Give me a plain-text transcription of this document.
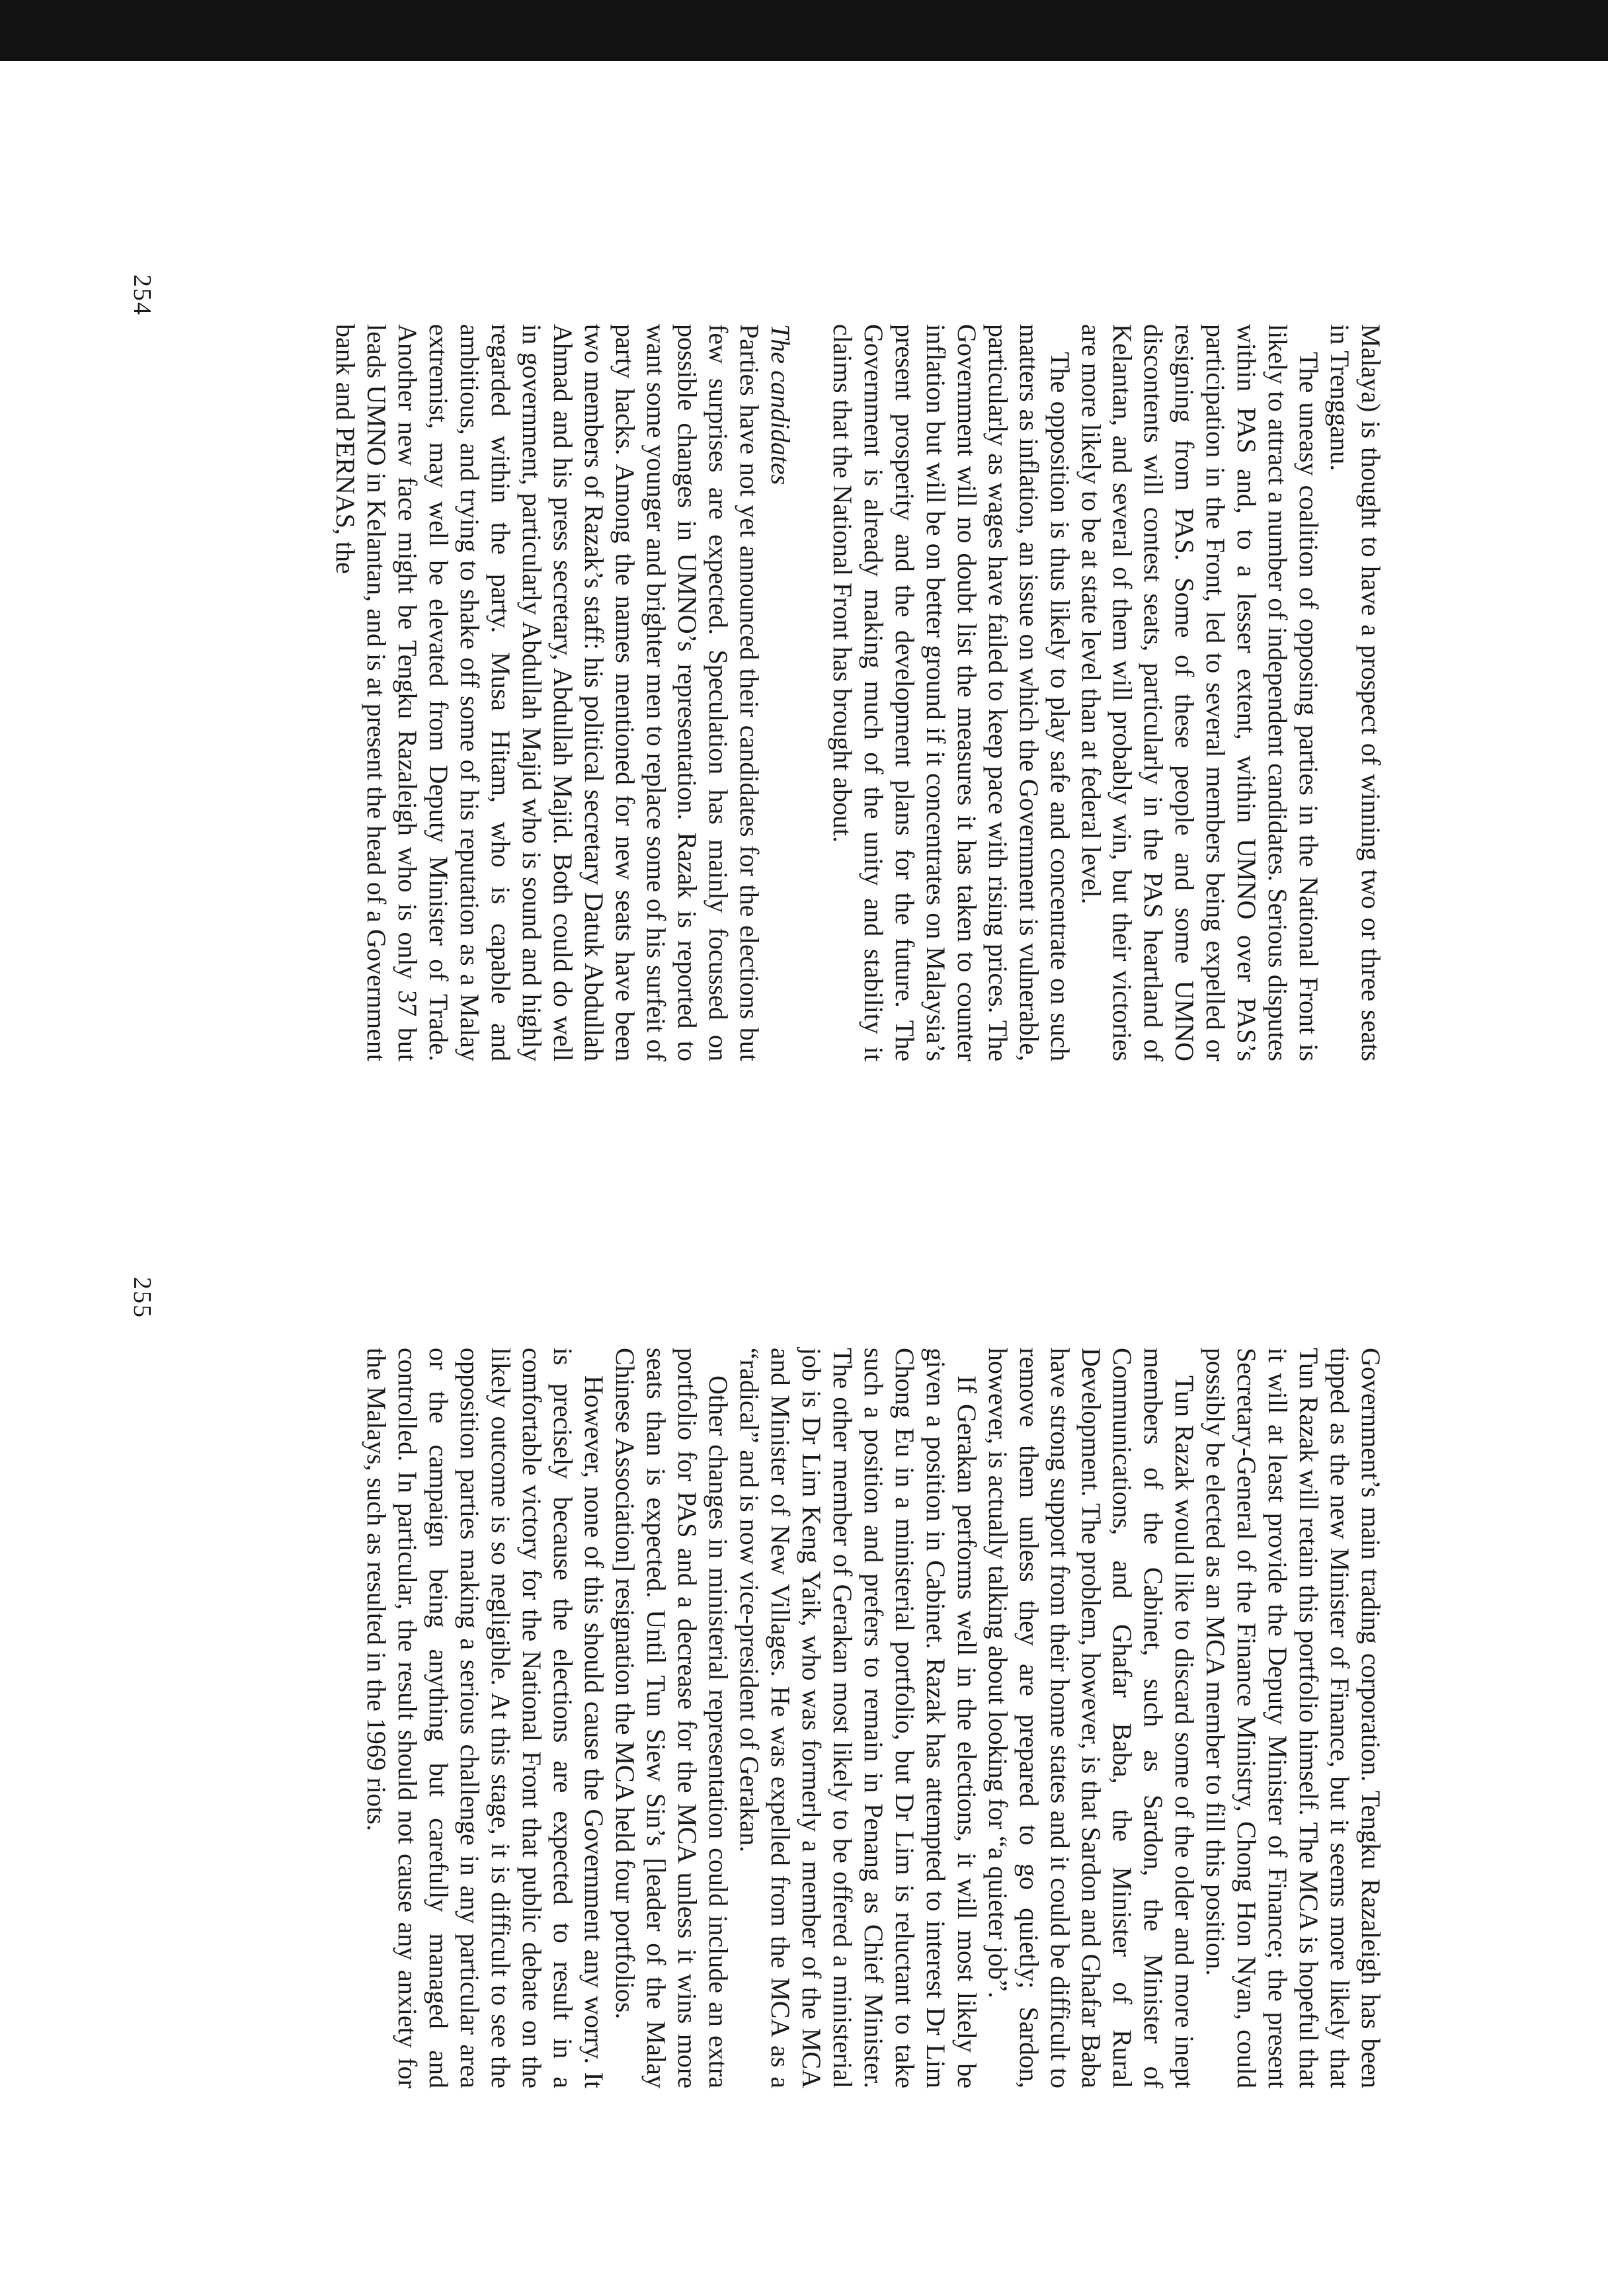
Malaya) is thought to have a prospect of winning two or three seats in Trengganu.

The uneasy coalition of opposing parties in the National Front is likely to attract a number of independent candidates. Serious disputes within PAS and, to a lesser extent, within UMNO over PAS’s participation in the Front, led to several members being expelled or resigning from PAS. Some of these people and some UMNO discontents will contest seats, particularly in the PAS heartland of Kelantan, and several of them will probably win, but their victories are more likely to be at state level than at federal level.

The opposition is thus likely to play safe and concentrate on such matters as inflation, an issue on which the Government is vulnerable, particularly as wages have failed to keep pace with rising prices. The Government will no doubt list the measures it has taken to counter inflation but will be on better ground if it concentrates on Malaysia’s present prosperity and the development plans for the future. The Government is already making much of the unity and stability it claims that the National Front has brought about.

The candidates

Parties have not yet announced their candidates for the elections but few surprises are expected. Speculation has mainly focussed on possible changes in UMNO’s representation. Razak is reported to want some younger and brighter men to replace some of his surfeit of party hacks. Among the names mentioned for new seats have been two members of Razak’s staff: his political secretary Datuk Abdullah Ahmad and his press secretary, Abdullah Majid. Both could do well in government, particularly Abdullah Majid who is sound and highly regarded within the party. Musa Hitam, who is capable and ambitious, and trying to shake off some of his reputation as a Malay extremist, may well be elevated from Deputy Minister of Trade. Another new face might be Tengku Razaleigh who is only 37 but leads UMNO in Kelantan, and is at present the head of a Government bank and PERNAS, the

254

Government’s main trading corporation. Tengku Razaleigh has been tipped as the new Minister of Finance, but it seems more likely that Tun Razak will retain this portfolio himself. The MCA is hopeful that it will at least provide the Deputy Minister of Finance; the present Secretary-General of the Finance Ministry, Chong Hon Nyan, could possibly be elected as an MCA member to fill this position.

Tun Razak would like to discard some of the older and more inept members of the Cabinet, such as Sardon, the Minister of Communications, and Ghafar Baba, the Minister of Rural Development. The problem, however, is that Sardon and Ghafar Baba have strong support from their home states and it could be difficult to remove them unless they are prepared to go quietly; Sardon, however, is actually talking about looking for “a quieter job”.

If Gerakan performs well in the elections, it will most likely be given a position in Cabinet. Razak has attempted to interest Dr Lim Chong Eu in a ministerial portfolio, but Dr Lim is reluctant to take such a position and prefers to remain in Penang as Chief Minister. The other member of Gerakan most likely to be offered a ministerial job is Dr Lim Keng Yaik, who was formerly a member of the MCA and Minister of New Villages. He was expelled from the MCA as a “radical” and is now vice-president of Gerakan.

Other changes in ministerial representation could include an extra portfolio for PAS and a decrease for the MCA unless it wins more seats than is expected. Until Tun Siew Sin’s [leader of the Malay Chinese Association] resignation the MCA held four portfolios.

However, none of this should cause the Government any worry. It is precisely because the elections are expected to result in a comfortable victory for the National Front that public debate on the likely outcome is so negligible. At this stage, it is difficult to see the opposition parties making a serious challenge in any particular area or the campaign being anything but carefully managed and controlled. In particular, the result should not cause any anxiety for the Malays, such as resulted in the 1969 riots.

255
